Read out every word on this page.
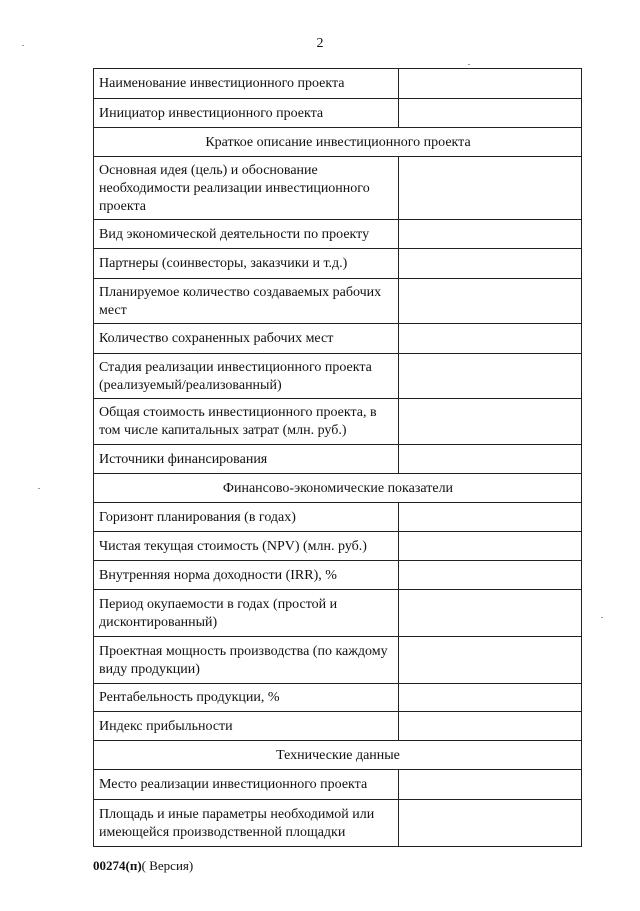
2
Наименование инвестиционного проекта	
Инициатор инвестиционного проекта	
Краткое описание инвестиционного проекта	
Основная идея (цель) и обоснование необходимости реализации инвестиционного проекта	
Вид экономической деятельности по проекту	
Партнеры (соинвесторы, заказчики и т.д.)	
Планируемое количество создаваемых рабочих мест	
Количество сохраненных рабочих мест	
Стадия реализации инвестиционного проекта (реализуемый/реализованный)	
Общая стоимость инвестиционного проекта, в том числе капитальных затрат (млн. руб.)	
Источники финансирования	
Финансово-экономические показатели	
Горизонт планирования (в годах)	
Чистая текущая стоимость (NPV) (млн. руб.)	
Внутренняя норма доходности (IRR), %	
Период окупаемости в годах (простой и дисконтированный)	
Проектная мощность производства (по каждому виду продукции)	
Рентабельность продукции, %	
Индекс прибыльности	
Технические данные	
Место реализации инвестиционного проекта	
Площадь и иные параметры необходимой или имеющейся производственной площадки	
00274(п)( Версия)
